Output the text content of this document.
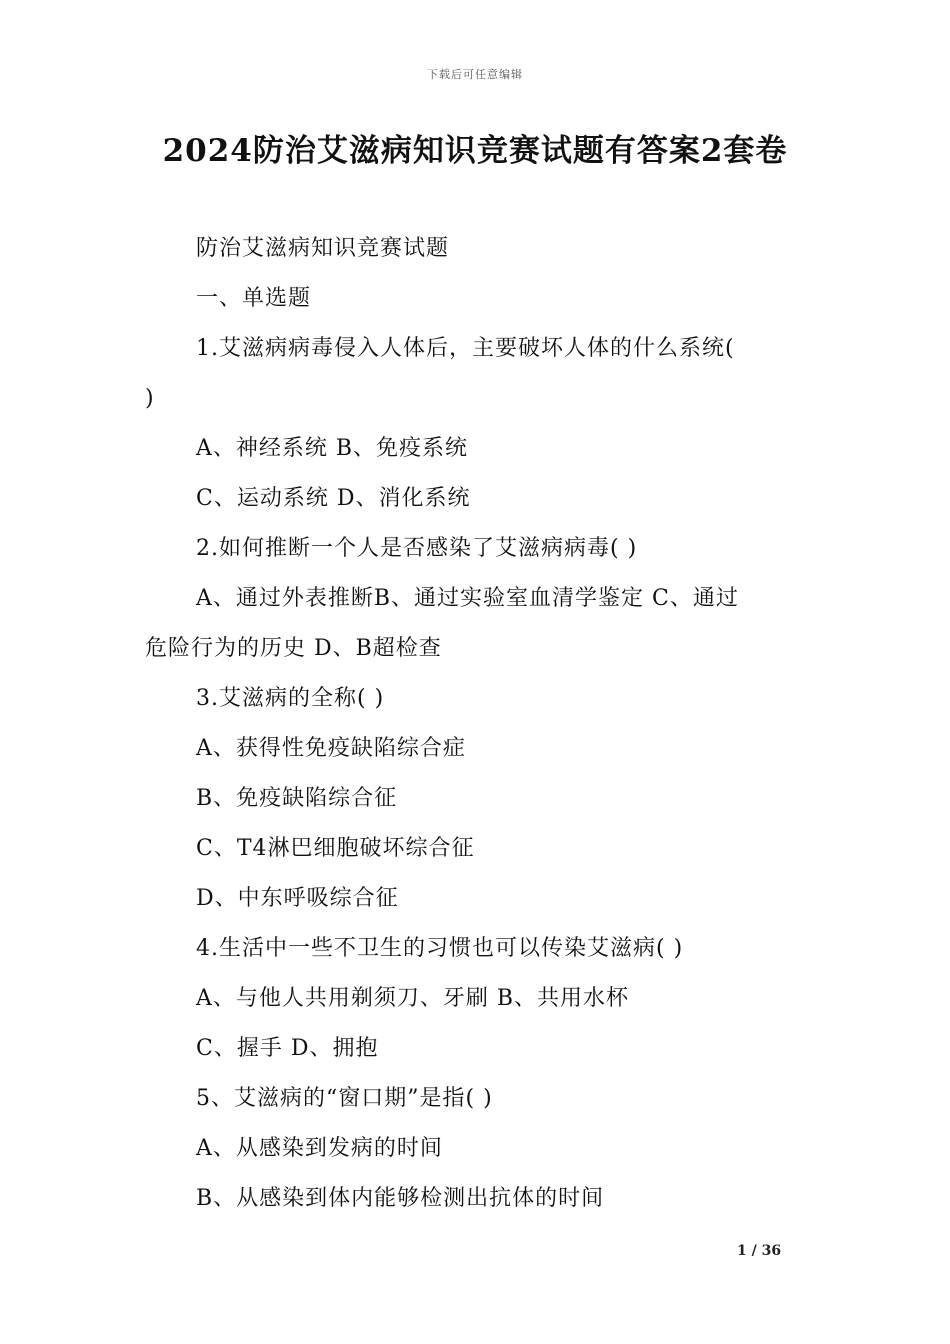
下载后可任意编辑
2024防治艾滋病知识竞赛试题有答案2套卷
防治艾滋病知识竞赛试题
一、单选题
1.艾滋病病毒侵入人体后，主要破坏人体的什么系统(
)
A、神经系统 B、免疫系统
C、运动系统 D、消化系统
2.如何推断一个人是否感染了艾滋病病毒( )
A、通过外表推断B、通过实验室血清学鉴定 C、通过
危险行为的历史 D、B超检查
3.艾滋病的全称( )
A、获得性免疫缺陷综合症
B、免疫缺陷综合征
C、T4淋巴细胞破坏综合征
D、中东呼吸综合征
4.生活中一些不卫生的习惯也可以传染艾滋病( )
A、与他人共用剃须刀、牙刷 B、共用水杯
C、握手 D、拥抱
5、艾滋病的“窗口期”是指( )
A、从感染到发病的时间
B、从感染到体内能够检测出抗体的时间
1 / 36
